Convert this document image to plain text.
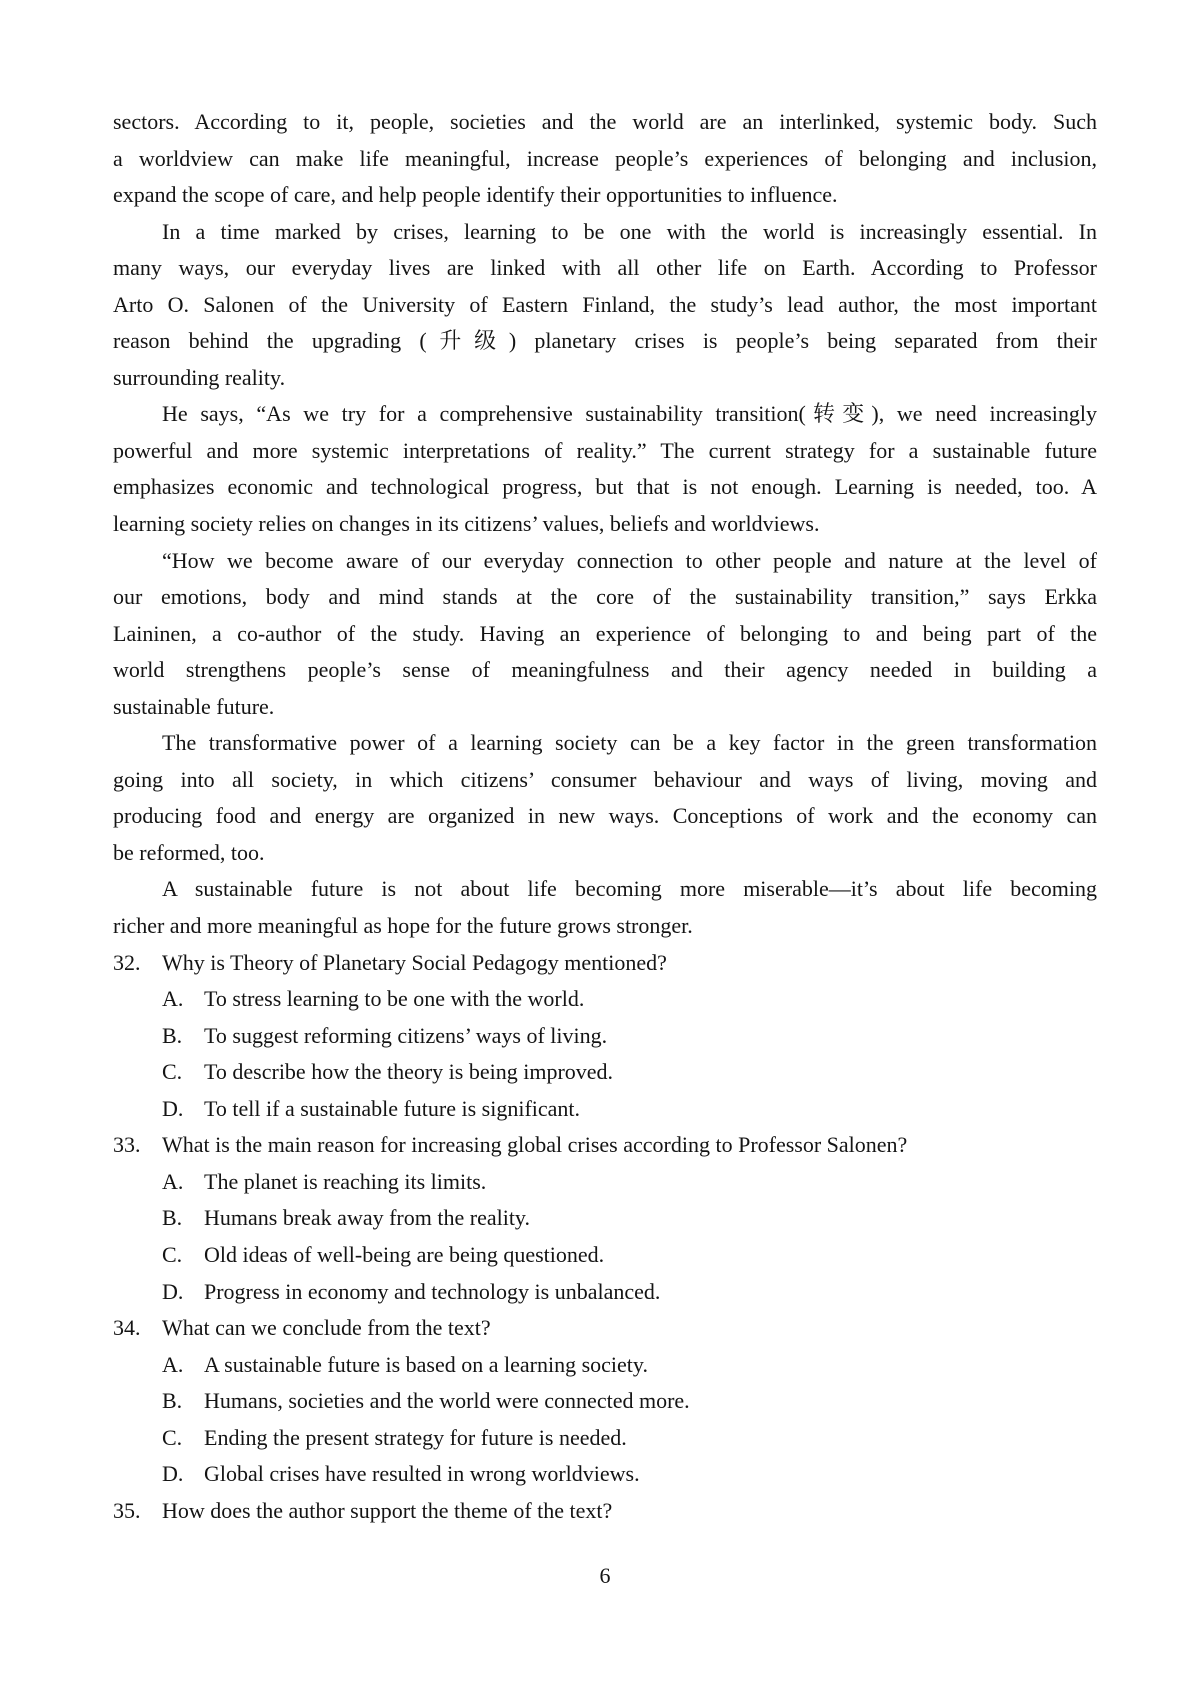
sectors. According to it, people, societies and the world are an interlinked, systemic body. Such
a worldview can make life meaningful, increase people’s experiences of belonging and inclusion,
expand the scope of care, and help people identify their opportunities to influence.
In a time marked by crises, learning to be one with the world is increasingly essential. In
many ways, our everyday lives are linked with all other life on Earth. According to Professor
Arto O. Salonen of the University of Eastern Finland, the study’s lead author, the most important
reason behind the upgrading (升级) planetary crises is people’s being separated from their
surrounding reality.
He says, “As we try for a comprehensive sustainability transition(转变), we need increasingly
powerful and more systemic interpretations of reality.” The current strategy for a sustainable future
emphasizes economic and technological progress, but that is not enough. Learning is needed, too. A
learning society relies on changes in its citizens’ values, beliefs and worldviews.
“How we become aware of our everyday connection to other people and nature at the level of
our emotions, body and mind stands at the core of the sustainability transition,” says Erkka
Laininen, a co-author of the study. Having an experience of belonging to and being part of the
world strengthens people’s sense of meaningfulness and their agency needed in building a
sustainable future.
The transformative power of a learning society can be a key factor in the green transformation
going into all society, in which citizens’ consumer behaviour and ways of living, moving and
producing food and energy are organized in new ways. Conceptions of work and the economy can
be reformed, too.
A sustainable future is not about life becoming more miserable—it’s about life becoming
richer and more meaningful as hope for the future grows stronger.
32. Why is Theory of Planetary Social Pedagogy mentioned?
A. To stress learning to be one with the world.
B. To suggest reforming citizens’ ways of living.
C. To describe how the theory is being improved.
D. To tell if a sustainable future is significant.
33. What is the main reason for increasing global crises according to Professor Salonen?
A. The planet is reaching its limits.
B. Humans break away from the reality.
C. Old ideas of well-being are being questioned.
D. Progress in economy and technology is unbalanced.
34. What can we conclude from the text?
A. A sustainable future is based on a learning society.
B. Humans, societies and the world were connected more.
C. Ending the present strategy for future is needed.
D. Global crises have resulted in wrong worldviews.
35. How does the author support the theme of the text?
6
